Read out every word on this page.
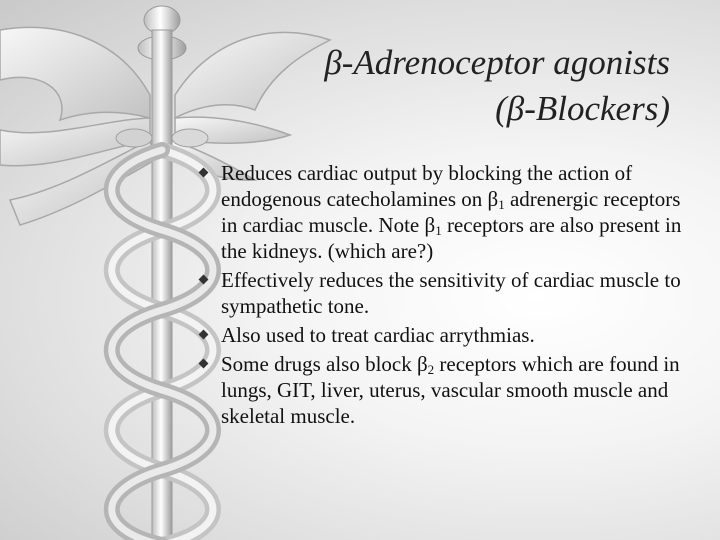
β-Adrenoceptor agonists
(β-Blockers)
Reduces cardiac output by blocking the action of endogenous catecholamines on $\beta_1$ adrenergic receptors in cardiac muscle. Note $\beta_1$ receptors are also present in the kidneys. (which are?)
Effectively reduces the sensitivity of cardiac muscle to sympathetic tone.
Also used to treat cardiac arrythmias.
Some drugs also block $\beta_2$ receptors which are found in lungs, GIT, liver, uterus, vascular smooth muscle and skeletal muscle.
